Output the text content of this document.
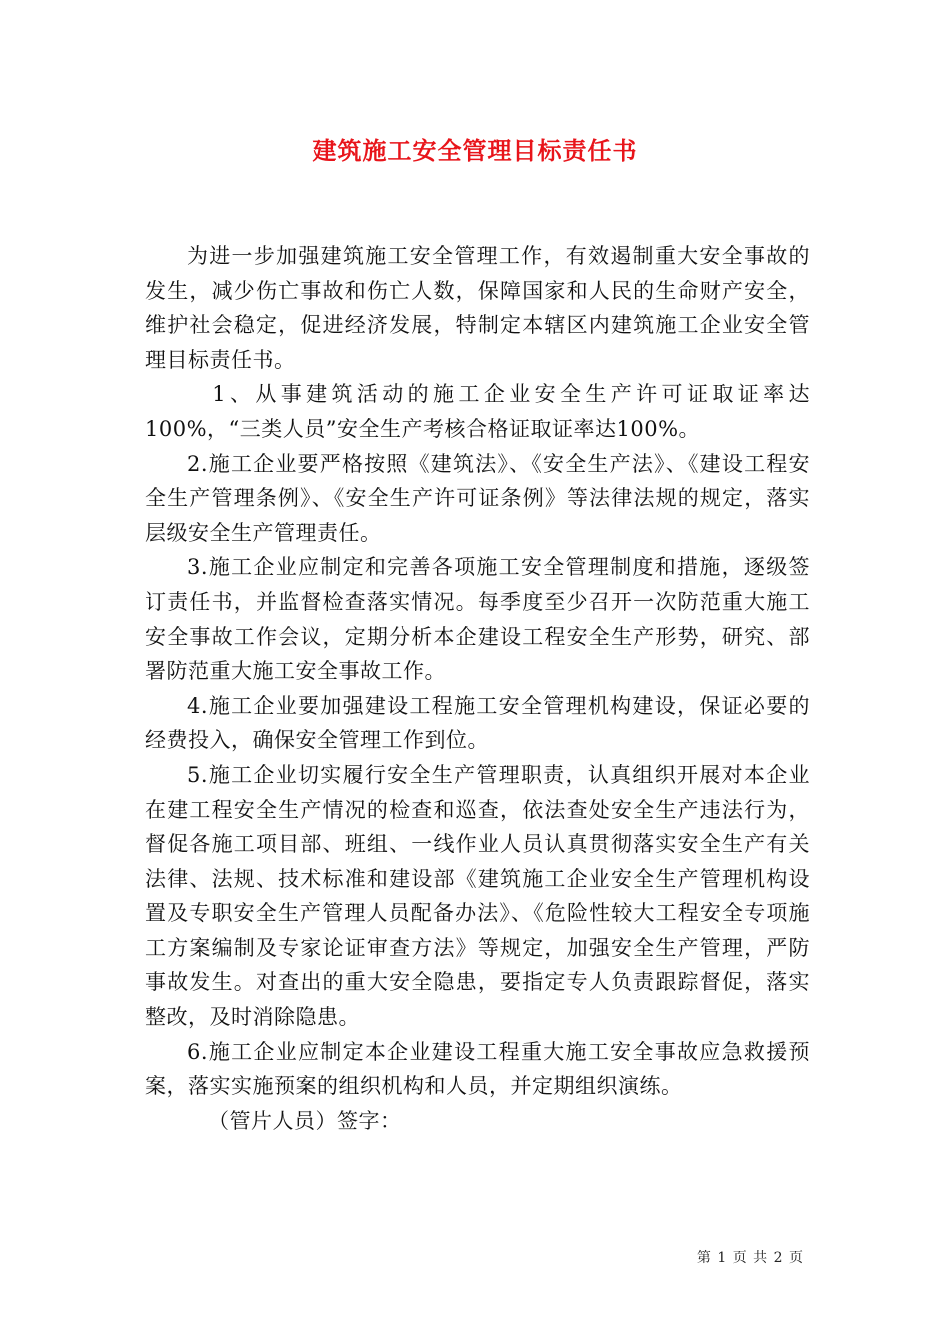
建筑施工安全管理目标责任书

为进一步加强建筑施工安全管理工作，有效遏制重大安全事故的发生，减少伤亡事故和伤亡人数，保障国家和人民的生命财产安全，维护社会稳定，促进经济发展，特制定本辖区内建筑施工企业安全管理目标责任书。

1、从事建筑活动的施工企业安全生产许可证取证率达100%，“三类人员”安全生产考核合格证取证率达100%。

2.施工企业要严格按照《建筑法》、《安全生产法》、《建设工程安全生产管理条例》、《安全生产许可证条例》等法律法规的规定，落实层级安全生产管理责任。

3.施工企业应制定和完善各项施工安全管理制度和措施，逐级签订责任书，并监督检查落实情况。每季度至少召开一次防范重大施工安全事故工作会议，定期分析本企建设工程安全生产形势，研究、部署防范重大施工安全事故工作。

4.施工企业要加强建设工程施工安全管理机构建设，保证必要的经费投入，确保安全管理工作到位。

5.施工企业切实履行安全生产管理职责，认真组织开展对本企业在建工程安全生产情况的检查和巡查，依法查处安全生产违法行为，督促各施工项目部、班组、一线作业人员认真贯彻落实安全生产有关法律、法规、技术标准和建设部《建筑施工企业安全生产管理机构设置及专职安全生产管理人员配备办法》、《危险性较大工程安全专项施工方案编制及专家论证审查方法》等规定，加强安全生产管理，严防事故发生。对查出的重大安全隐患，要指定专人负责跟踪督促，落实整改，及时消除隐患。

6.施工企业应制定本企业建设工程重大施工安全事故应急救援预案，落实实施预案的组织机构和人员，并定期组织演练。

（管片人员）签字：

第 1 页 共 2 页
